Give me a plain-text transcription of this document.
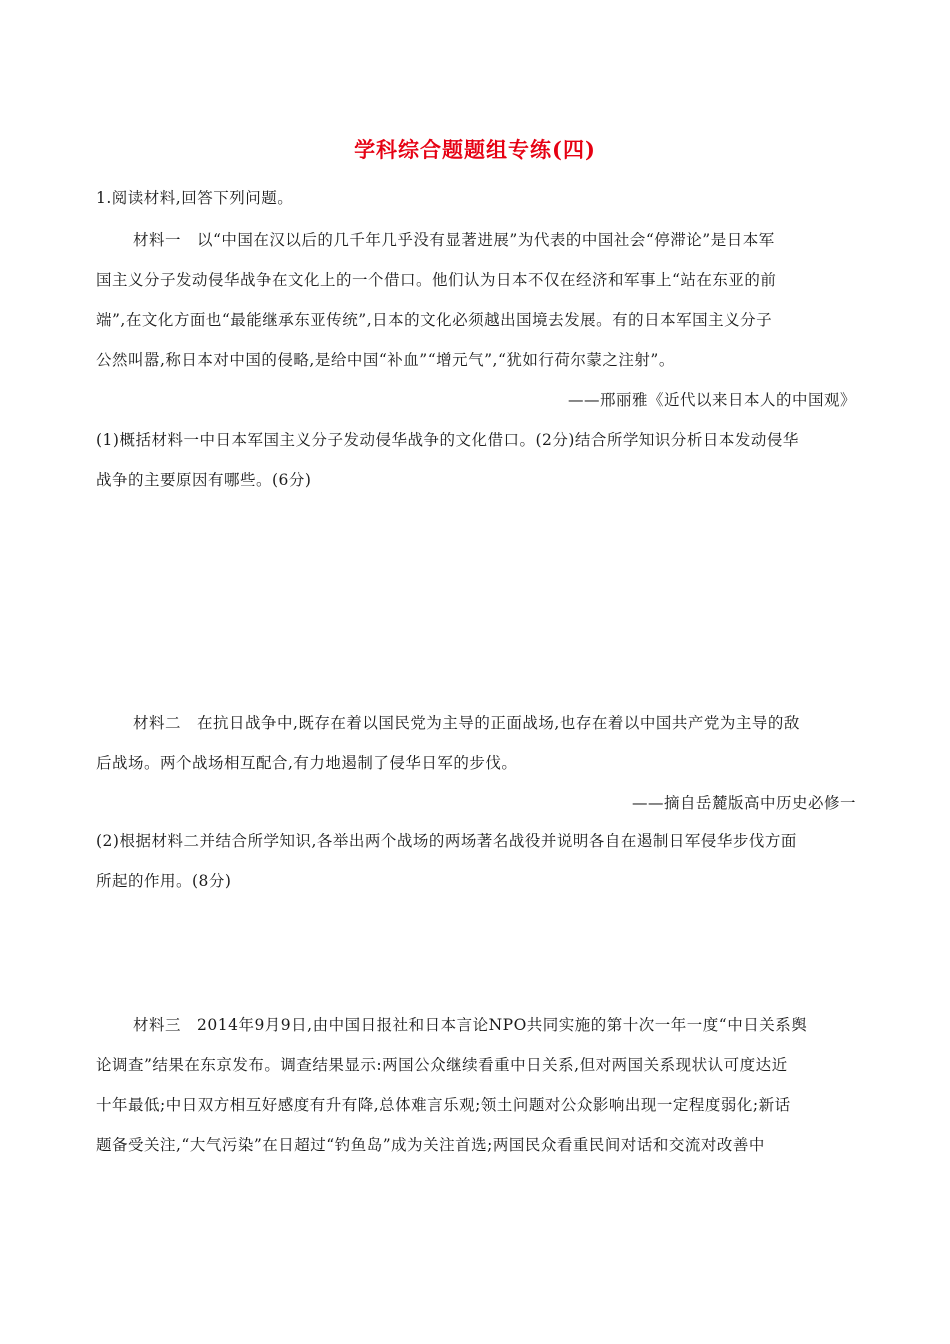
学科综合题题组专练(四)
1.阅读材料,回答下列问题。
材料一　以“中国在汉以后的几千年几乎没有显著进展”为代表的中国社会“停滞论”是日本军
国主义分子发动侵华战争在文化上的一个借口。他们认为日本不仅在经济和军事上“站在东亚的前
端”,在文化方面也“最能继承东亚传统”,日本的文化必须越出国境去发展。有的日本军国主义分子
公然叫嚣,称日本对中国的侵略,是给中国“补血”“增元气”,“犹如行荷尔蒙之注射”。
——邢丽雅《近代以来日本人的中国观》
(1)概括材料一中日本军国主义分子发动侵华战争的文化借口。(2分)结合所学知识分析日本发动侵华
战争的主要原因有哪些。(6分)
材料二　在抗日战争中,既存在着以国民党为主导的正面战场,也存在着以中国共产党为主导的敌
后战场。两个战场相互配合,有力地遏制了侵华日军的步伐。
——摘自岳麓版高中历史必修一
(2)根据材料二并结合所学知识,各举出两个战场的两场著名战役并说明各自在遏制日军侵华步伐方面
所起的作用。(8分)
材料三　2014年9月9日,由中国日报社和日本言论NPO共同实施的第十次一年一度“中日关系舆
论调查”结果在东京发布。调查结果显示:两国公众继续看重中日关系,但对两国关系现状认可度达近
十年最低;中日双方相互好感度有升有降,总体难言乐观;领土问题对公众影响出现一定程度弱化;新话
题备受关注,“大气污染”在日超过“钓鱼岛”成为关注首选;两国民众看重民间对话和交流对改善中
